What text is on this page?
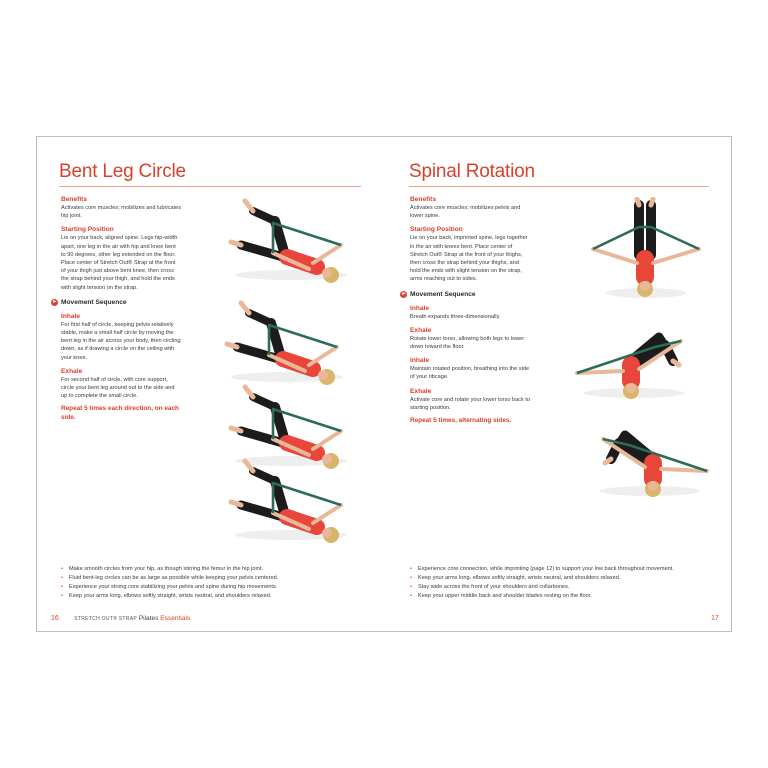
Bent Leg Circle
Benefits

Activates core muscles; mobilizes and lubricates hip joint.

Starting Position

Lie on your back, aligned spine. Legs hip-width apart, one leg in the air with hip and knee bent to 90 degrees, other leg extended on the floor. Place center of Stretch Out® Strap at the front of your thigh just above bent knee, then cross the strap behind your thigh, and hold the ends with slight tension on the strap.

➤ Movement Sequence
Inhale

For first half of circle, keeping pelvis relatively stable, make a small half circle by moving the bent leg in the air across your body, then circling down, as if drawing a circle on the ceiling with your knee.

Exhale

For second half of circle, with core support, circle your bent leg around out to the side and up to complete the small circle.

Repeat 5 times each direction, on each side.
• Make smooth circles from your hip, as though stirring the femur in the hip joint.
• Fluid bent-leg circles can be as large as possible while keeping your pelvis centered.
• Experience your strong core stabilizing your pelvis and spine during hip movements.
• Keep your arms long, elbows softly straight, wrists neutral, and shoulders relaxed.
16	STRETCH OUT® STRAP Pilates Essentials
Spinal Rotation
Benefits

Activates core muscles; mobilizes pelvis and lower spine.

Starting Position

Lie on your back, imprinted spine, legs together in the air with knees bent. Place center of Stretch Out® Strap at the front of your thighs, then cross the strap behind your thighs, and hold the ends with slight tension on the strap, arms reaching out to sides.

➤ Movement Sequence
Inhale

Breath expands three-dimensionally.

Exhale

Rotate lower torso, allowing both legs to lower down toward the floor.

Inhale

Maintain rotated position, breathing into the side of your ribcage.

Exhale

Activate core and rotate your lower torso back to starting position.

Repeat 5 times, alternating sides.
• Experience core connection, while imprinting (page 12) to support your low back throughout movement.
• Keep your arms long, elbows softly straight, wrists neutral, and shoulders relaxed.
• Stay wide across the front of your shoulders and collarbones.
• Keep your upper middle back and shoulder blades resting on the floor.
17
